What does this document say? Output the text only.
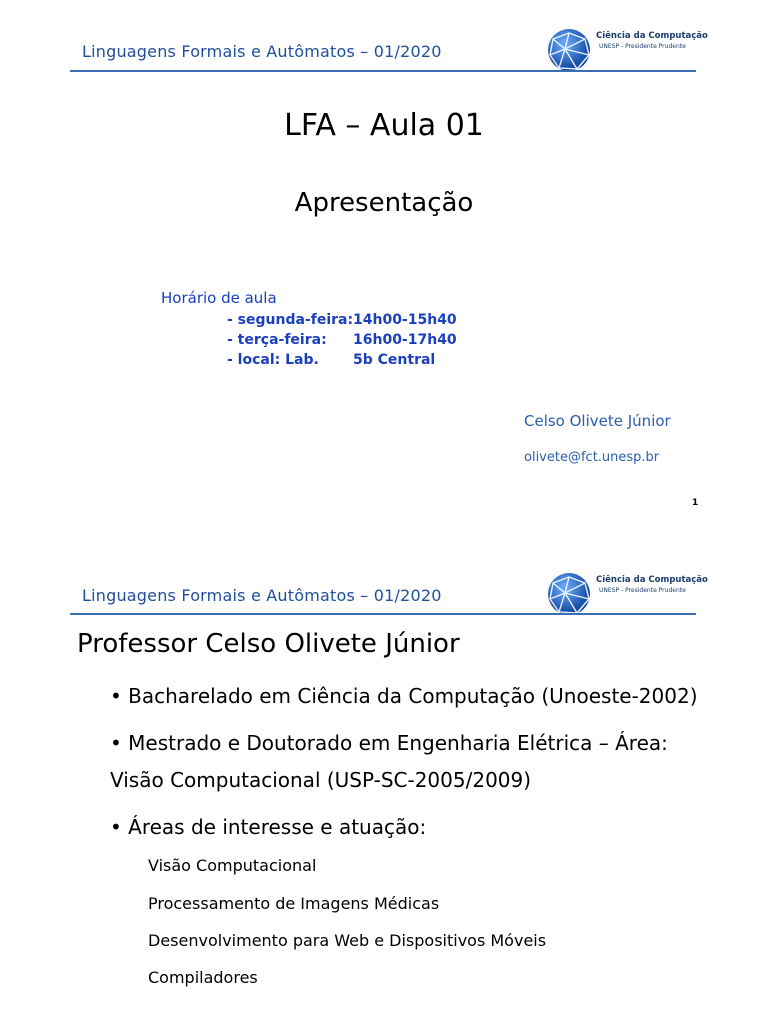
Linguagens Formais e Autômatos – 01/2020
Ciência da Computação
UNESP - Presidente Prudente
LFA – Aula 01
Apresentação
Horário de aula
- segunda-feira: 14h00-15h40
- terça-feira: 16h00-17h40
- local: Lab. 5b Central
Celso Olivete Júnior
olivete@fct.unesp.br
1
Linguagens Formais e Autômatos – 01/2020
Ciência da Computação
UNESP - Presidente Prudente
Professor Celso Olivete Júnior
• Bacharelado em Ciência da Computação (Unoeste-2002)
• Mestrado e Doutorado em Engenharia Elétrica – Área:
Visão Computacional (USP-SC-2005/2009)
• Áreas de interesse e atuação:
Visão Computacional
Processamento de Imagens Médicas
Desenvolvimento para Web e Dispositivos Móveis
Compiladores
